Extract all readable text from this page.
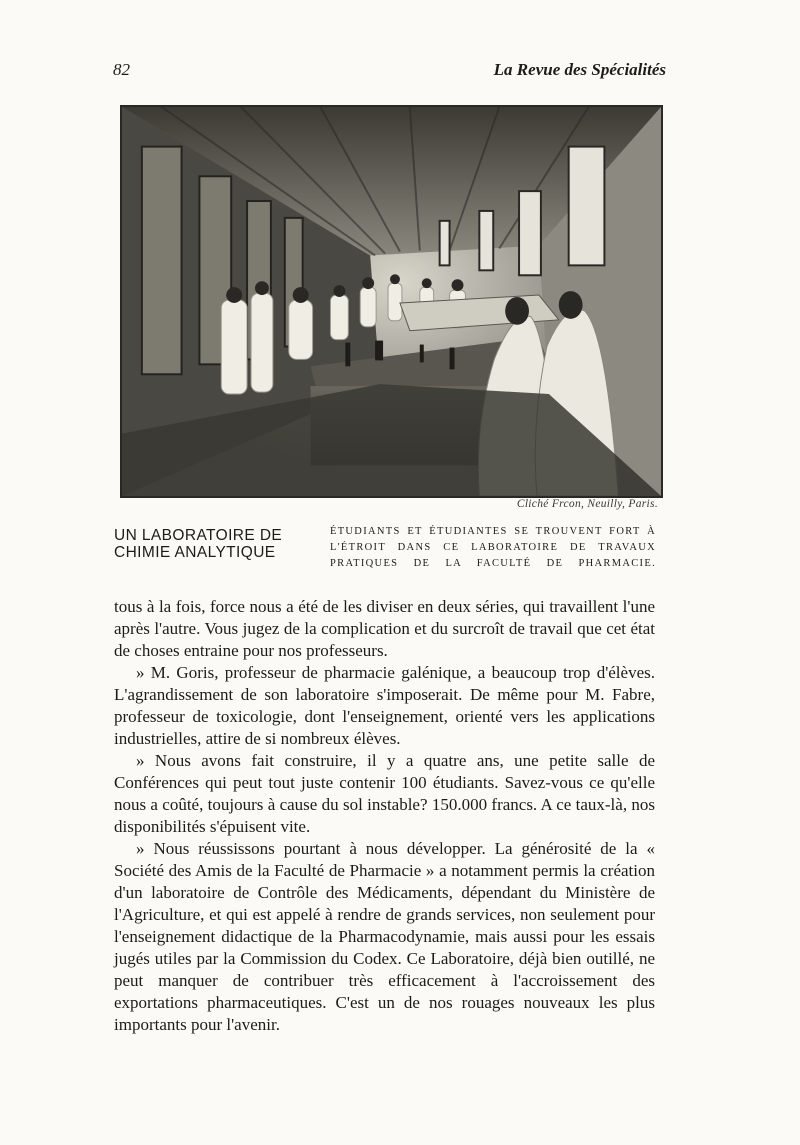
82	La Revue des Spécialités
Cliché Frcon, Neuilly, Paris.
UN LABORATOIRE DE
CHIMIE ANALYTIQUE
ÉTUDIANTS ET ÉTUDIANTES SE TROUVENT FORT À L'ÉTROIT DANS CE LABORATOIRE DE TRAVAUX PRATIQUES DE LA FACULTÉ DE PHARMACIE.

tous à la fois, force nous a été de les diviser en deux séries, qui travaillent l'une après l'autre. Vous jugez de la complication et du surcroît de travail que cet état de choses entraine pour nos professeurs.

» M. Goris, professeur de pharmacie galénique, a beaucoup trop d'élèves. L'agrandissement de son laboratoire s'imposerait. De même pour M. Fabre, professeur de toxicologie, dont l'enseignement, orienté vers les applications industrielles, attire de si nombreux élèves.

» Nous avons fait construire, il y a quatre ans, une petite salle de Conférences qui peut tout juste contenir 100 étudiants. Savez-vous ce qu'elle nous a coûté, toujours à cause du sol instable? 150.000 francs. A ce taux-là, nos disponibilités s'épuisent vite.

» Nous réussissons pourtant à nous développer. La générosité de la « Société des Amis de la Faculté de Pharmacie » a notamment permis la création d'un laboratoire de Contrôle des Médicaments, dépendant du Ministère de l'Agriculture, et qui est appelé à rendre de grands services, non seulement pour l'enseignement didactique de la Pharmacodynamie, mais aussi pour les essais jugés utiles par la Commission du Codex. Ce Laboratoire, déjà bien outillé, ne peut manquer de contribuer très efficacement à l'accroissement des exportations pharmaceutiques. C'est un de nos rouages nouveaux les plus importants pour l'avenir.
